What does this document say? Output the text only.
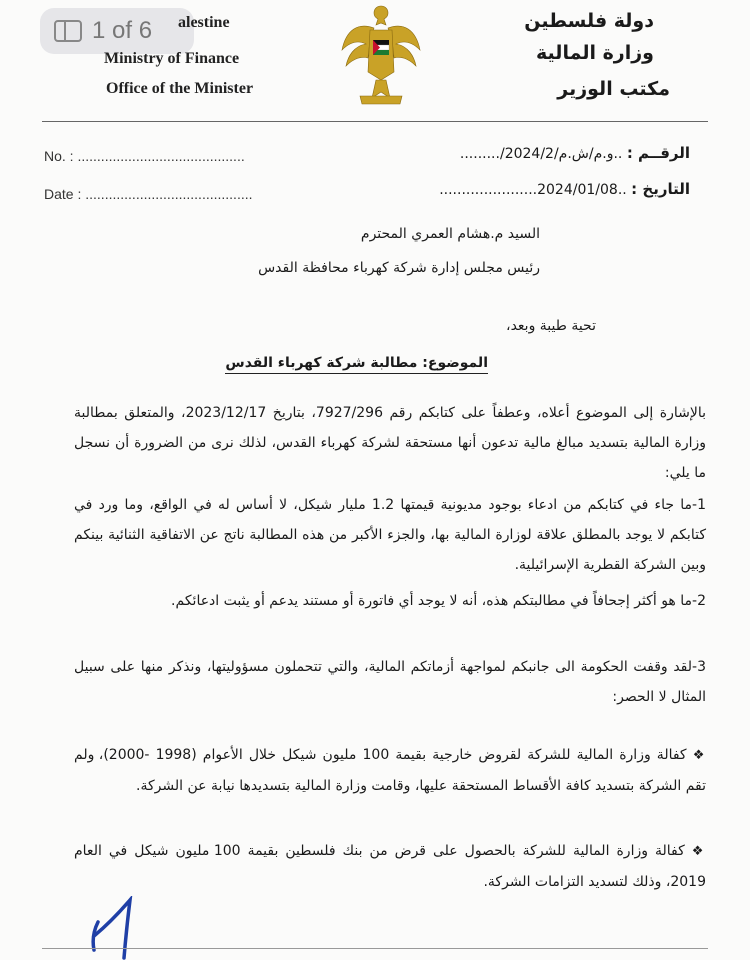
1 of 6 alestine
Ministry of Finance
Office of the Minister
دولة فلسطين
وزارة المالية
مكتب الوزير
No. : ...........................................
Date : ...........................................
الرقــم : ..و.م/ش.م/2024/2/.........
التاريخ : ..2024/01/08......................
السيد م.هشام العمري المحترم
رئيس مجلس إدارة شركة كهرباء محافظة القدس
تحية طيبة وبعد،
الموضوع: مطالبة شركة كهرباء القدس
بالإشارة إلى الموضوع أعلاه، وعطفاً على كتابكم رقم 7927/296، بتاريخ 2023/12/17، والمتعلق بمطالبة وزارة المالية بتسديد مبالغ مالية تدعون أنها مستحقة لشركة كهرباء القدس، لذلك نرى من الضرورة أن نسجل ما يلي:
1-ما جاء في كتابكم من ادعاء بوجود مديونية قيمتها 1.2 مليار شيكل، لا أساس له في الواقع، وما ورد في كتابكم لا يوجد بالمطلق علاقة لوزارة المالية بها، والجزء الأكبر من هذه المطالبة ناتج عن الاتفاقية الثنائية بينكم وبين الشركة القطرية الإسرائيلية.
2-ما هو أكثر إجحافاً في مطالبتكم هذه، أنه لا يوجد أي فاتورة أو مستند يدعم أو يثبت ادعائكم.
3-لقد وقفت الحكومة الى جانبكم لمواجهة أزماتكم المالية، والتي تتحملون مسؤوليتها، ونذكر منها على سبيل المثال لا الحصر:
❖ كفالة وزارة المالية للشركة لقروض خارجية بقيمة 100 مليون شيكل خلال الأعوام (1998 -2000)، ولم تقم الشركة بتسديد كافة الأقساط المستحقة عليها، وقامت وزارة المالية بتسديدها نيابة عن الشركة.
❖ كفالة وزارة المالية للشركة بالحصول على قرض من بنك فلسطين بقيمة 100 مليون شيكل في العام 2019، وذلك لتسديد التزامات الشركة.
